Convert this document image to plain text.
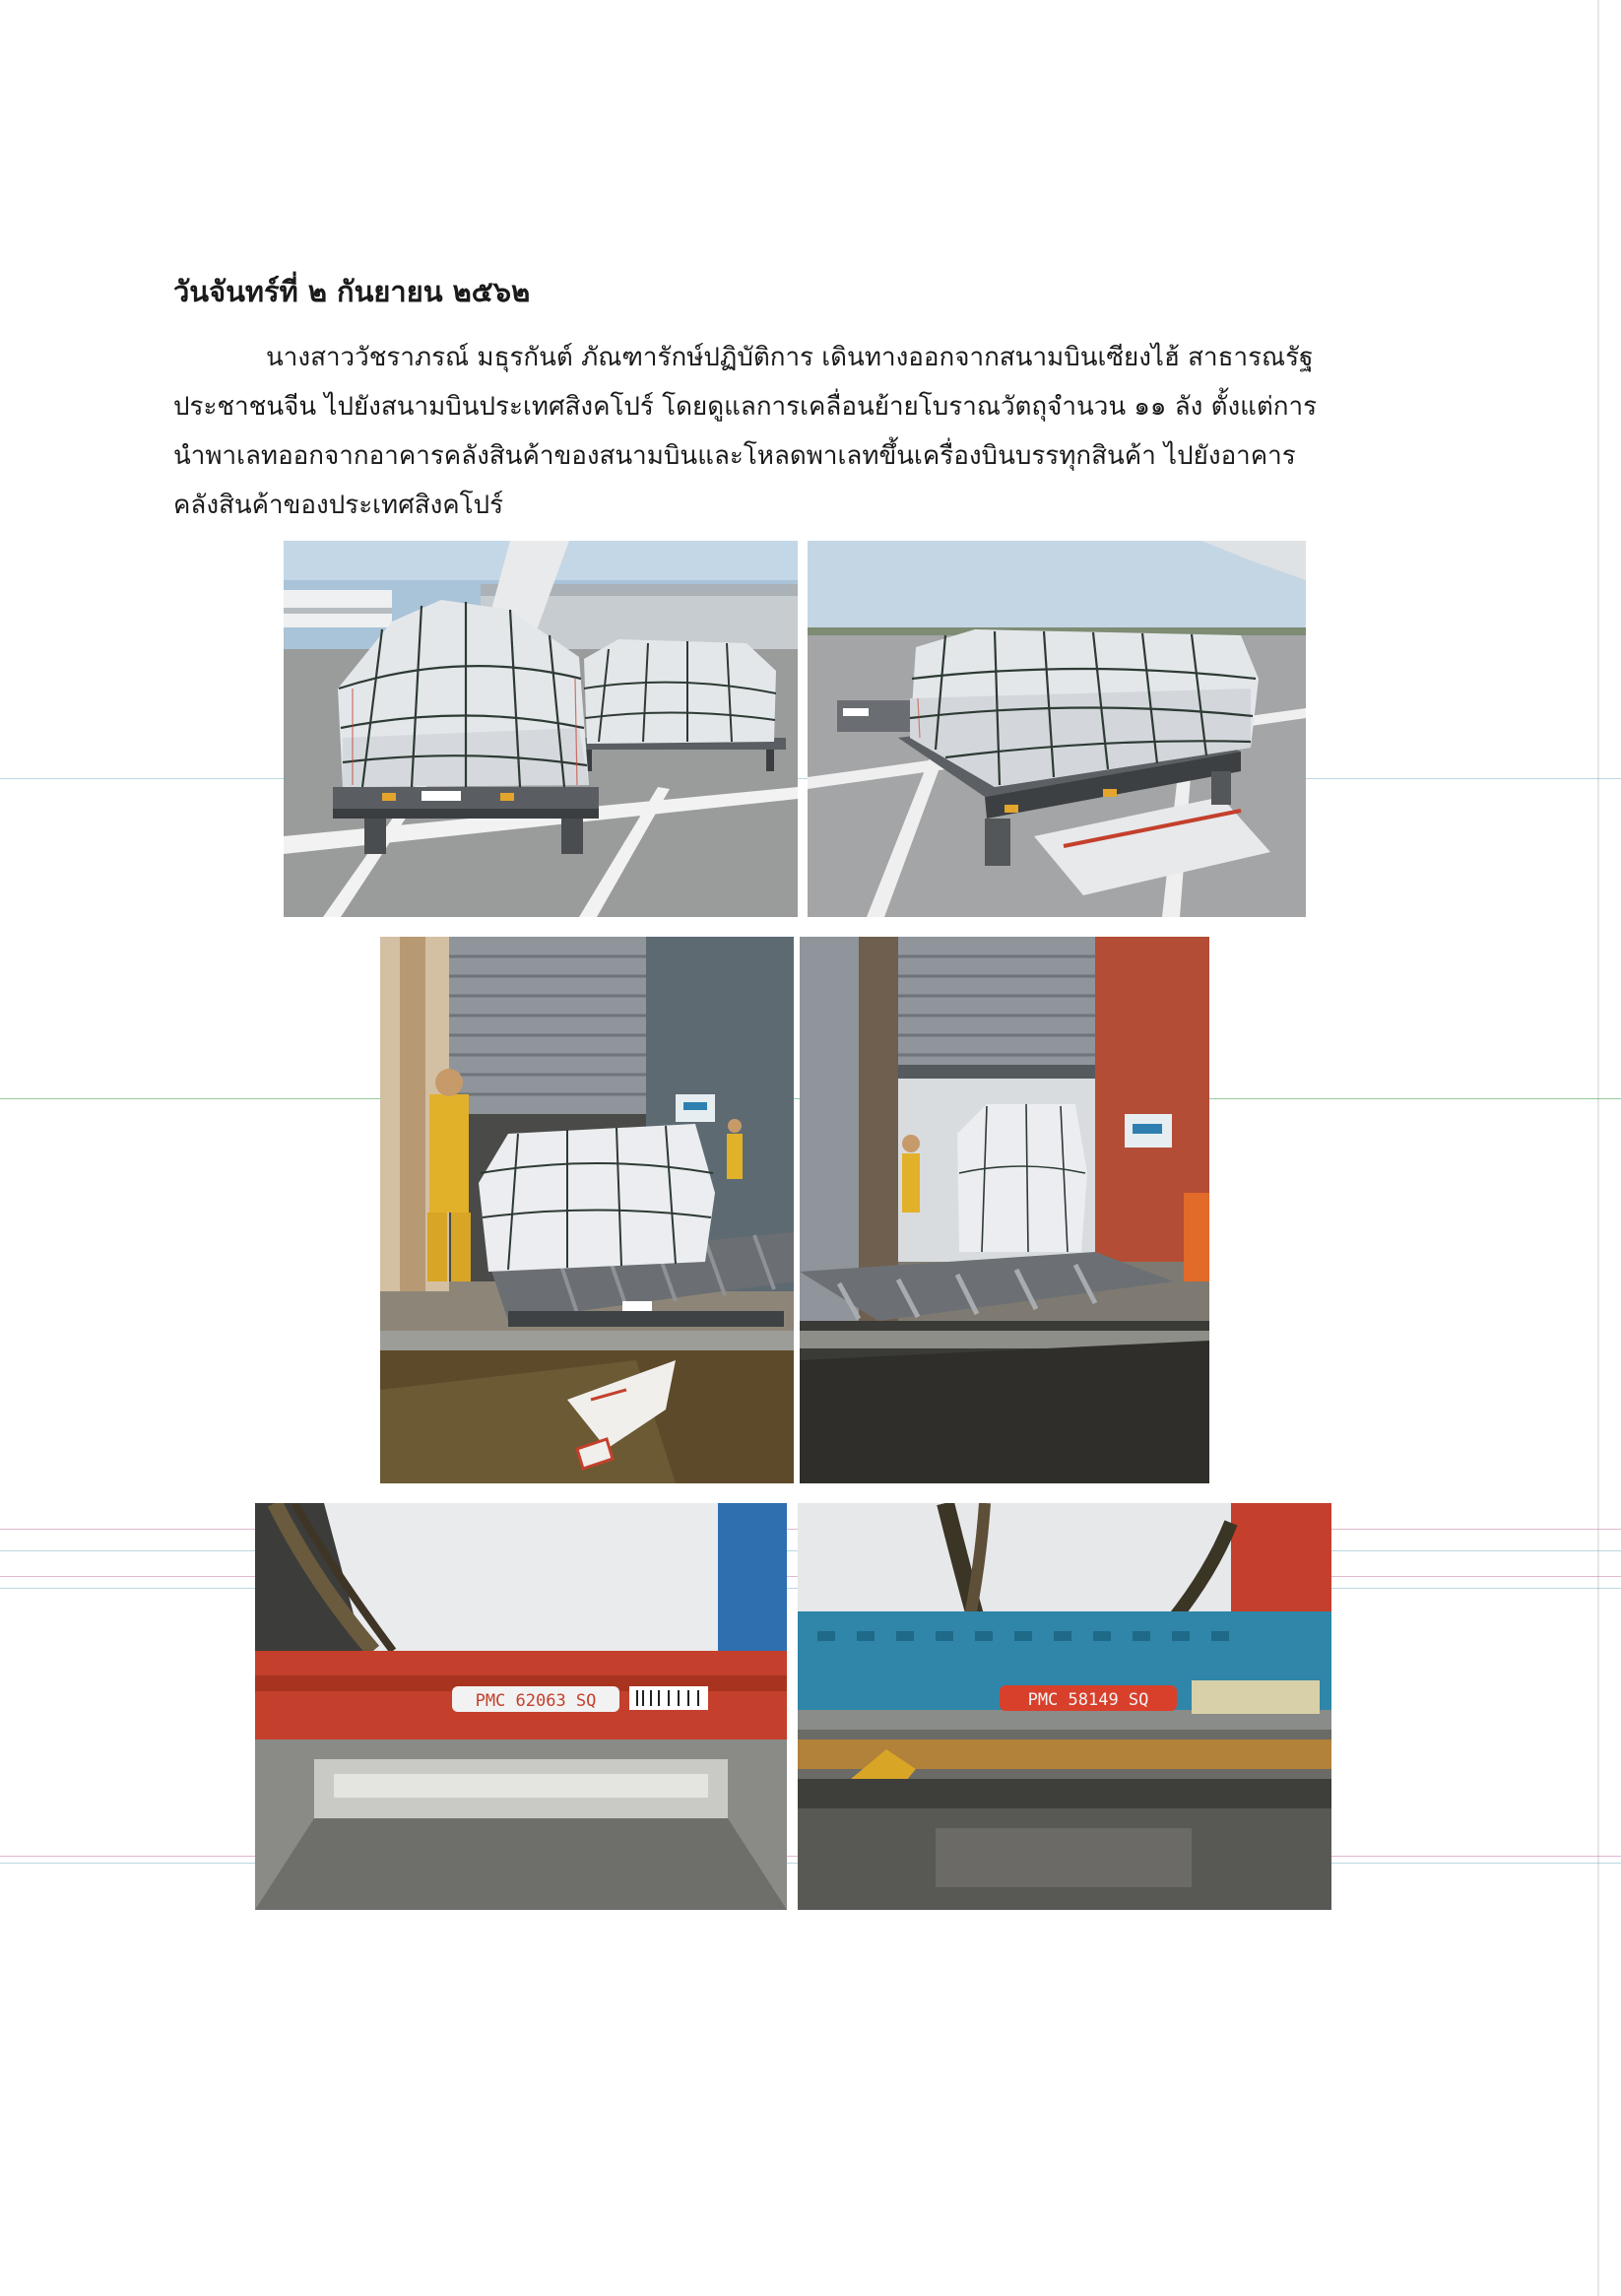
วันจันทร์ที่ ๒ กันยายน ๒๕๖๒
นางสาววัชราภรณ์ มธุรกันต์ ภัณฑารักษ์ปฏิบัติการ เดินทางออกจากสนามบินเซียงไฮ้ สาธารณรัฐ
ประชาชนจีน ไปยังสนามบินประเทศสิงคโปร์ โดยดูแลการเคลื่อนย้ายโบราณวัตถุจำนวน ๑๑ ลัง ตั้งแต่การ
นำพาเลทออกจากอาคารคลังสินค้าของสนามบินและโหลดพาเลทขึ้นเครื่องบินบรรทุกสินค้า ไปยังอาคาร
คลังสินค้าของประเทศสิงคโปร์
PMC 62063 SQ	PMC 58149 SQ
